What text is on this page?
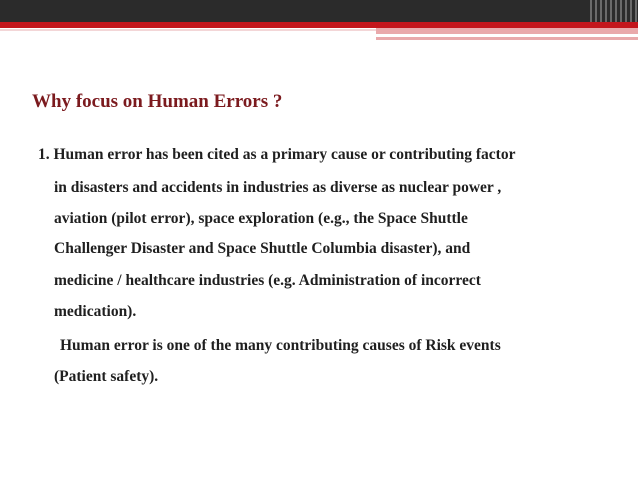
Why focus on Human Errors ?
1. Human error has been cited as a primary cause or contributing factor
in disasters and accidents in industries as diverse as nuclear power ,
aviation (pilot error), space exploration (e.g., the Space Shuttle
Challenger Disaster and Space Shuttle Columbia disaster), and
medicine / healthcare industries (e.g. Administration of incorrect
medication).
Human error is one of the many contributing causes of Risk events
(Patient safety).
